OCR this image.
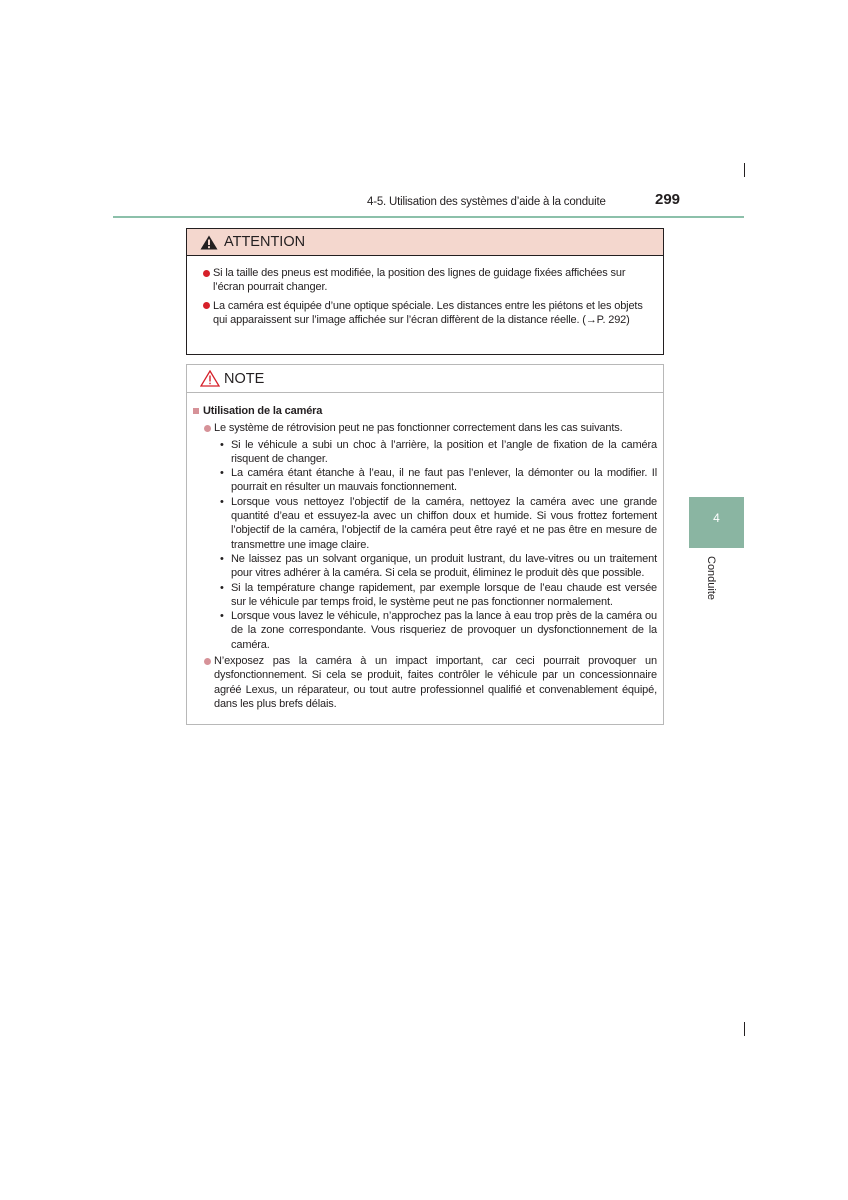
4-5. Utilisation des systèmes d’aide à la conduite	299
4
Conduite
ATTENTION
Si la taille des pneus est modifiée, la position des lignes de guidage fixées affichées sur l’écran pourrait changer.
La caméra est équipée d’une optique spéciale. Les distances entre les piétons et les objets qui apparaissent sur l’image affichée sur l’écran diffèrent de la distance réelle. (→P. 292)
NOTE
Utilisation de la caméra
Le système de rétrovision peut ne pas fonctionner correctement dans les cas suivants.
• Si le véhicule a subi un choc à l’arrière, la position et l’angle de fixation de la caméra risquent de changer.
• La caméra étant étanche à l’eau, il ne faut pas l’enlever, la démonter ou la modifier. Il pourrait en résulter un mauvais fonctionnement.
• Lorsque vous nettoyez l’objectif de la caméra, nettoyez la caméra avec une grande quantité d’eau et essuyez-la avec un chiffon doux et humide. Si vous frottez fortement l’objectif de la caméra, l’objectif de la caméra peut être rayé et ne pas être en mesure de transmettre une image claire.
• Ne laissez pas un solvant organique, un produit lustrant, du lave-vitres ou un traitement pour vitres adhérer à la caméra. Si cela se produit, éliminez le produit dès que possible.
• Si la température change rapidement, par exemple lorsque de l’eau chaude est versée sur le véhicule par temps froid, le système peut ne pas fonctionner normalement.
• Lorsque vous lavez le véhicule, n’approchez pas la lance à eau trop près de la caméra ou de la zone correspondante. Vous risqueriez de provoquer un dysfonctionnement de la caméra.
N’exposez pas la caméra à un impact important, car ceci pourrait provoquer un dysfonctionnement. Si cela se produit, faites contrôler le véhicule par un concessionnaire agréé Lexus, un réparateur, ou tout autre professionnel qualifié et convenablement équipé, dans les plus brefs délais.
